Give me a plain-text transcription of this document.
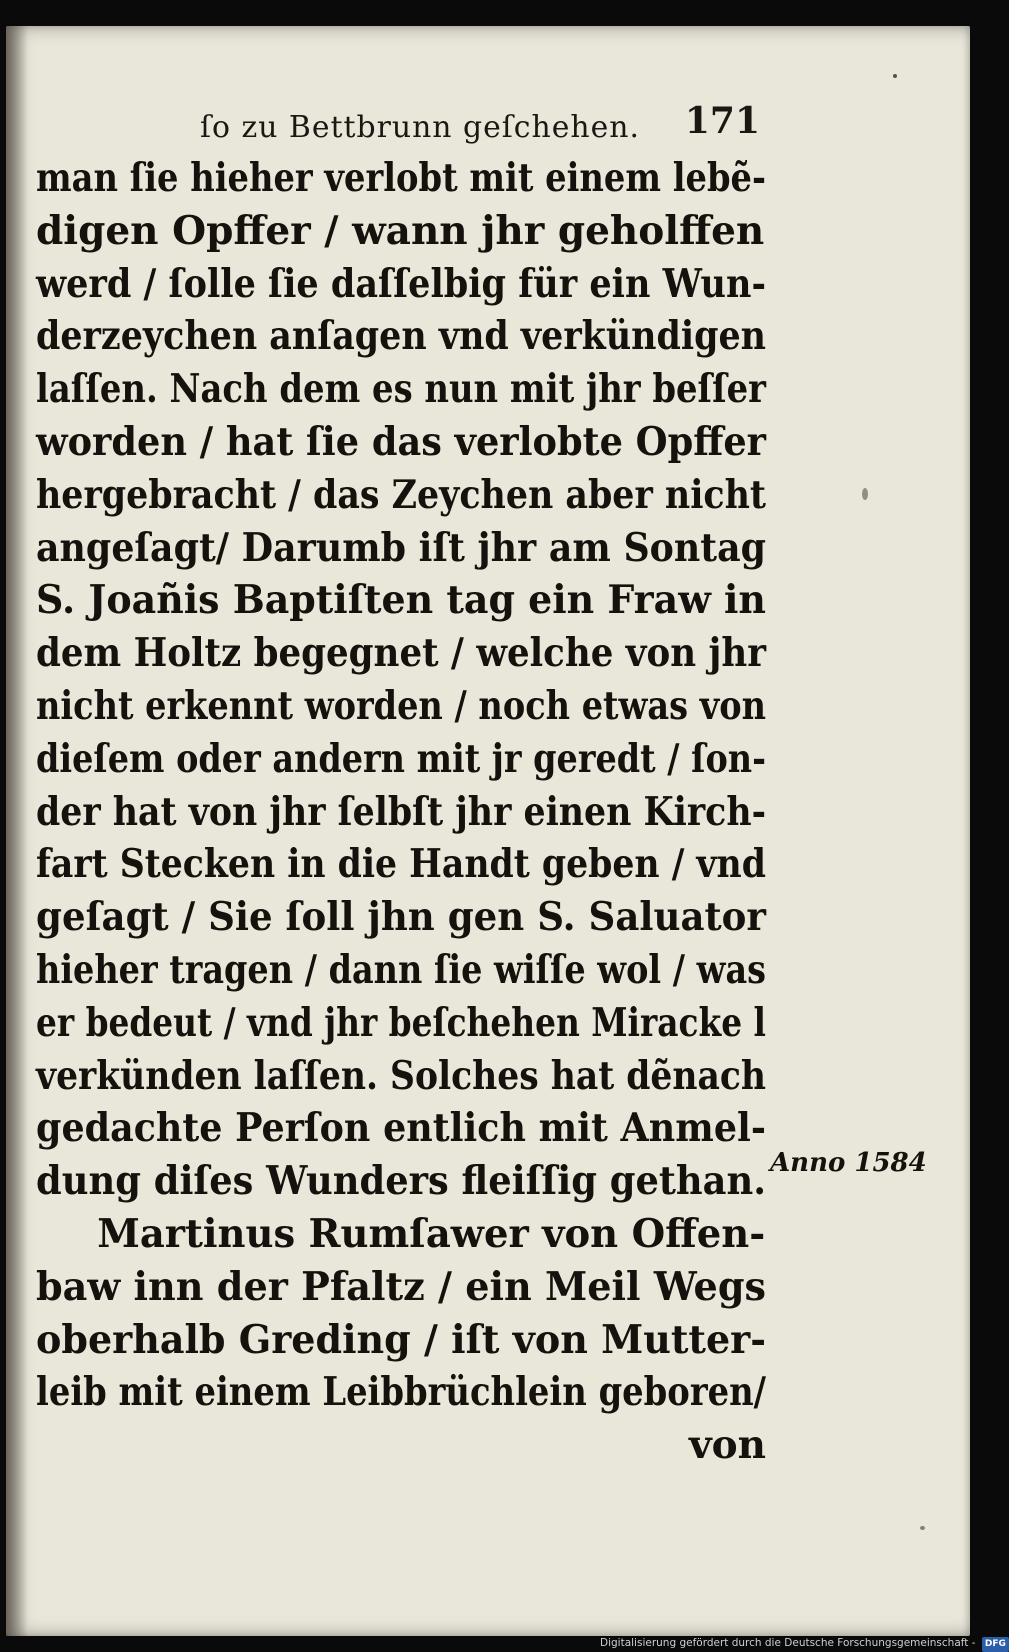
ſo zu Bettbrunn geſchehen. 171
man ſie hieher verlobt mit einem lebẽ-
digen Opffer / wann jhr geholffen
werd / ſolle ſie daſſelbig für ein Wun-
derzeychen anſagen vnd verkündigen
laſſen. Nach dem es nun mit jhr beſſer
worden / hat ſie das verlobte Opffer
hergebracht / das Zeychen aber nicht
angeſagt/ Darumb iſt jhr am Sontag
S. Joañis Baptiſten tag ein Fraw in
dem Holtz begegnet / welche von jhr
nicht erkennt worden / noch etwas von
dieſem oder andern mit jr geredt / ſon-
der hat von jhr ſelbſt jhr einen Kirch-
fart Stecken in die Handt geben / vnd
geſagt / Sie ſoll jhn gen S. Saluator
hieher tragen / dann ſie wiſſe wol / was
er bedeut / vnd jhr beſchehen Miracke l
verkünden laſſen. Solches hat dẽnach
gedachte Perſon entlich mit Anmel-
dung diſes Wunders fleiſſig gethan.
Martinus Rumſawer von Offen-
baw inn der Pfaltz / ein Meil Wegs
oberhalb Greding / iſt von Mutter-
leib mit einem Leibbrüchlein geboren/
von
Anno 1584
Digitalisierung gefördert durch die Deutsche Forschungsgemeinschaft - DFG
